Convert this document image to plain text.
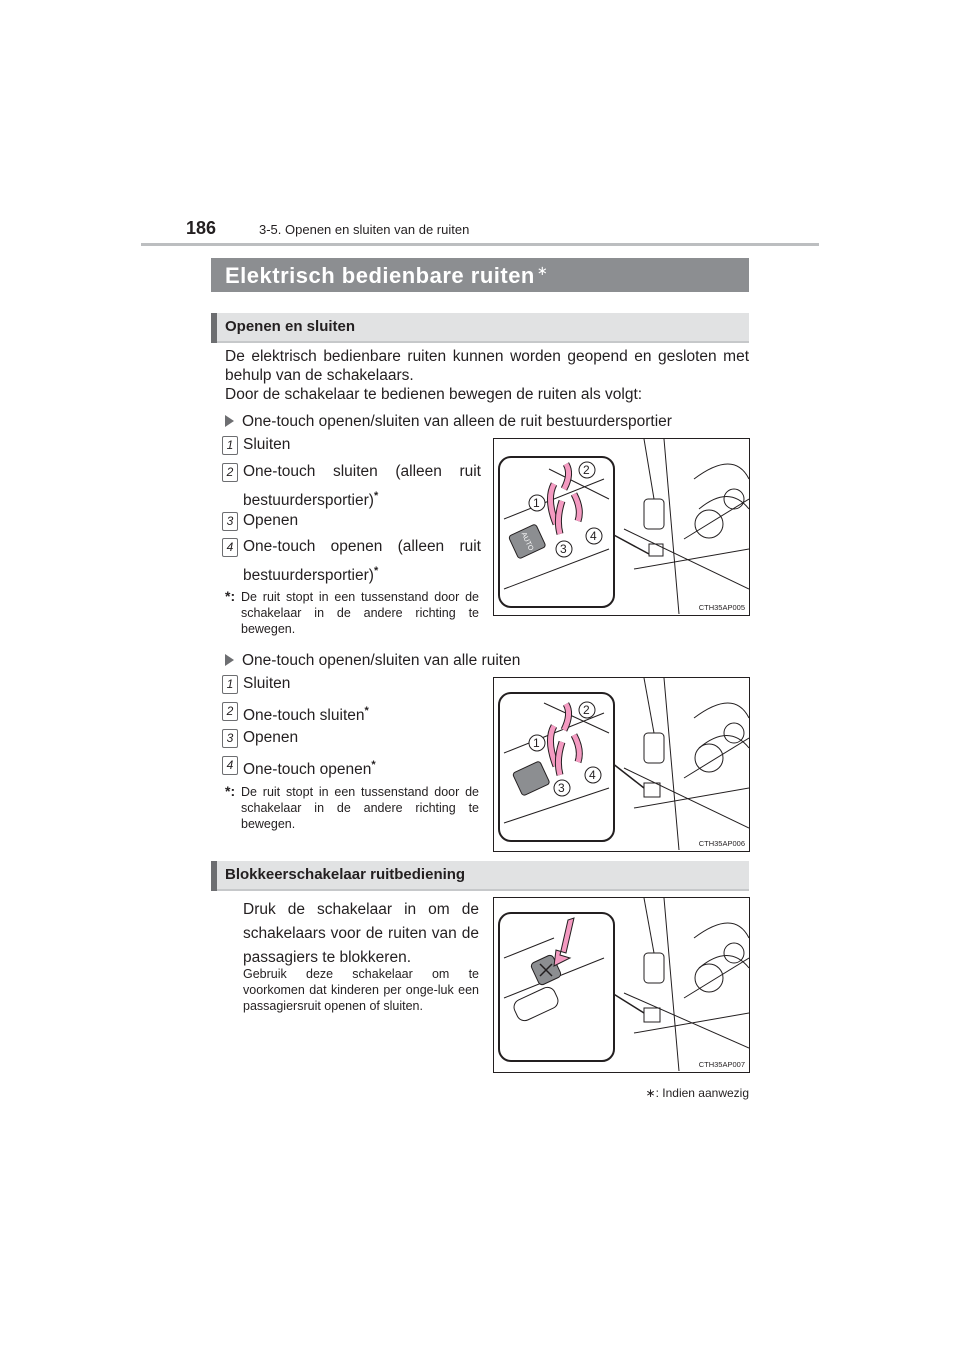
186	3-5. Openen en sluiten van de ruiten
Elektrisch bedienbare ruiten ∗
Openen en sluiten
De elektrisch bedienbare ruiten kunnen worden geopend en gesloten met behulp van de schakelaars.
Door de schakelaar te bedienen bewegen de ruiten als volgt:
One-touch openen/sluiten van alleen de ruit bestuurdersportier
1 Sluiten
2 One-touch sluiten (alleen ruit bestuurdersportier)*
3 Openen
4 One-touch openen (alleen ruit bestuurdersportier)*
*: De ruit stopt in een tussenstand door de schakelaar in de andere richting te bewegen.
AUTO
1
2
3
4
CTH35AP005
One-touch openen/sluiten van alle ruiten
1 Sluiten
2 One-touch sluiten*
3 Openen
4 One-touch openen*
*: De ruit stopt in een tussenstand door de schakelaar in de andere richting te bewegen.
1
2
3
4
CTH35AP006
Blokkeerschakelaar ruitbediening
Druk de schakelaar in om de schakelaars voor de ruiten van de passagiers te blokkeren.
Gebruik deze schakelaar om te voorkomen dat kinderen per onge-luk een passagiersruit openen of sluiten.
CTH35AP007
∗: Indien aanwezig
